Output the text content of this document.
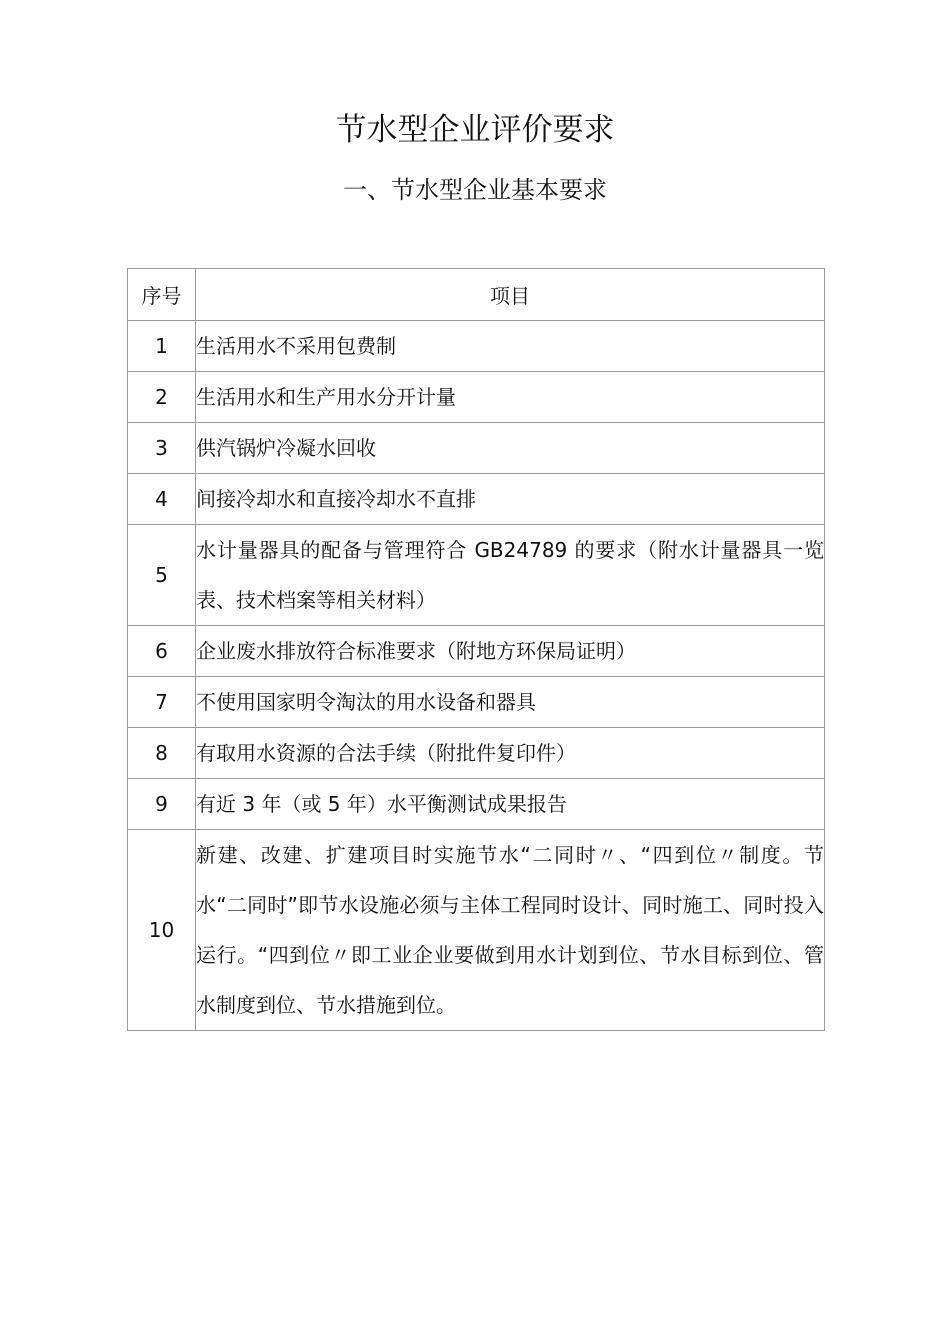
节水型企业评价要求
一、节水型企业基本要求
序号	项目
1	生活用水不采用包费制
2	生活用水和生产用水分开计量
3	供汽锅炉冷凝水回收
4	间接冷却水和直接冷却水不直排
5	水计量器具的配备与管理符合 GB24789 的要求（附水计量器具一览表、技术档案等相关材料）
6	企业废水排放符合标准要求（附地方环保局证明）
7	不使用国家明令淘汰的用水设备和器具
8	有取用水资源的合法手续（附批件复印件）
9	有近 3 年（或 5 年）水平衡测试成果报告
10	新建、改建、扩建项目时实施节水“二同时〃、“四到位〃制度。节水“二同时”即节水设施必须与主体工程同时设计、同时施工、同时投入运行。“四到位〃即工业企业要做到用水计划到位、节水目标到位、管水制度到位、节水措施到位。
